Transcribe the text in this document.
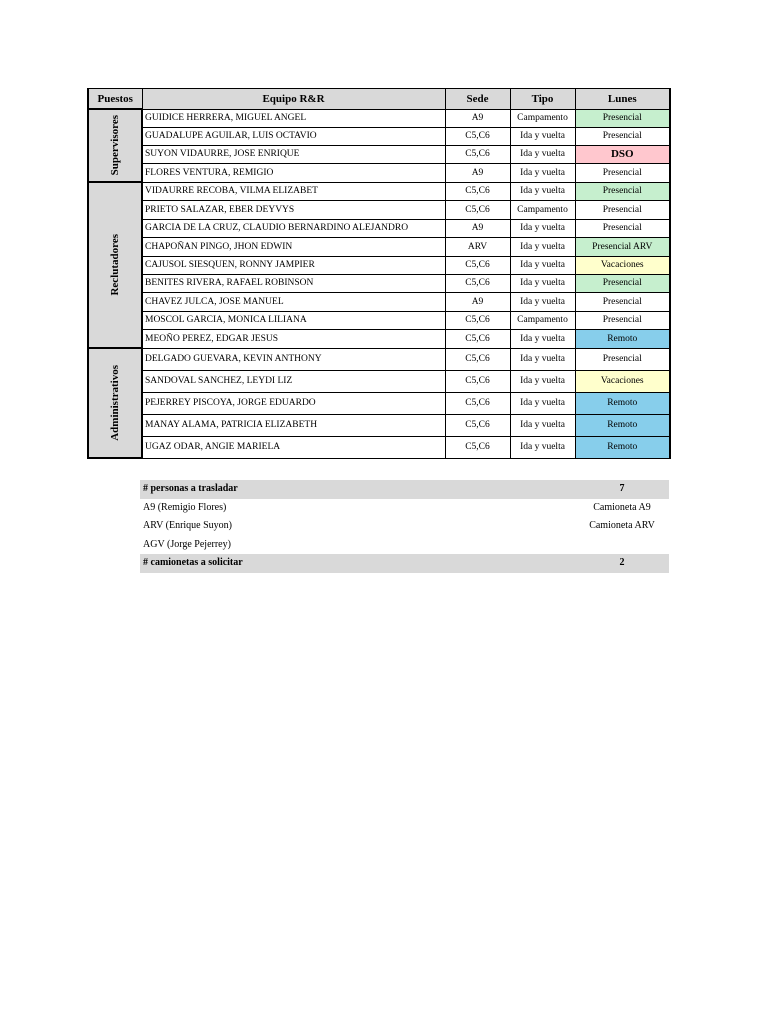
Puestos	Equipo R&R	Sede	Tipo	Lunes

Supervisores	GUIDICE HERRERA, MIGUEL ANGEL	A9	Campamento	Presencial
	GUADALUPE AGUILAR, LUIS OCTAVIO	C5,C6	Ida y vuelta	Presencial
	SUYON VIDAURRE, JOSE ENRIQUE	C5,C6	Ida y vuelta	DSO
	FLORES VENTURA, REMIGIO	A9	Ida y vuelta	Presencial

Reclutadores	VIDAURRE RECOBA, VILMA ELIZABET	C5,C6	Ida y vuelta	Presencial
	PRIETO SALAZAR, EBER DEYVYS	C5,C6	Campamento	Presencial
	GARCIA DE LA CRUZ, CLAUDIO BERNARDINO ALEJANDRO	A9	Ida y vuelta	Presencial
	CHAPOÑAN PINGO, JHON EDWIN	ARV	Ida y vuelta	Presencial ARV
	CAJUSOL SIESQUEN, RONNY JAMPIER	C5,C6	Ida y vuelta	Vacaciones
	BENITES RIVERA, RAFAEL ROBINSON	C5,C6	Ida y vuelta	Presencial
	CHAVEZ JULCA, JOSE MANUEL	A9	Ida y vuelta	Presencial
	MOSCOL GARCIA, MONICA LILIANA	C5,C6	Campamento	Presencial
	MEOÑO PEREZ, EDGAR JESUS	C5,C6	Ida y vuelta	Remoto

Administrativos	DELGADO GUEVARA, KEVIN ANTHONY	C5,C6	Ida y vuelta	Presencial
	SANDOVAL SANCHEZ, LEYDI LIZ	C5,C6	Ida y vuelta	Vacaciones
	PEJERREY PISCOYA, JORGE EDUARDO	C5,C6	Ida y vuelta	Remoto
	MANAY ALAMA, PATRICIA ELIZABETH	C5,C6	Ida y vuelta	Remoto
	UGAZ ODAR, ANGIE MARIELA	C5,C6	Ida y vuelta	Remoto
# personas a trasladar	7
A9 (Remigio Flores)	Camioneta A9
ARV (Enrique Suyon)	Camioneta ARV
AGV (Jorge Pejerrey)
# camionetas a solicitar	2
